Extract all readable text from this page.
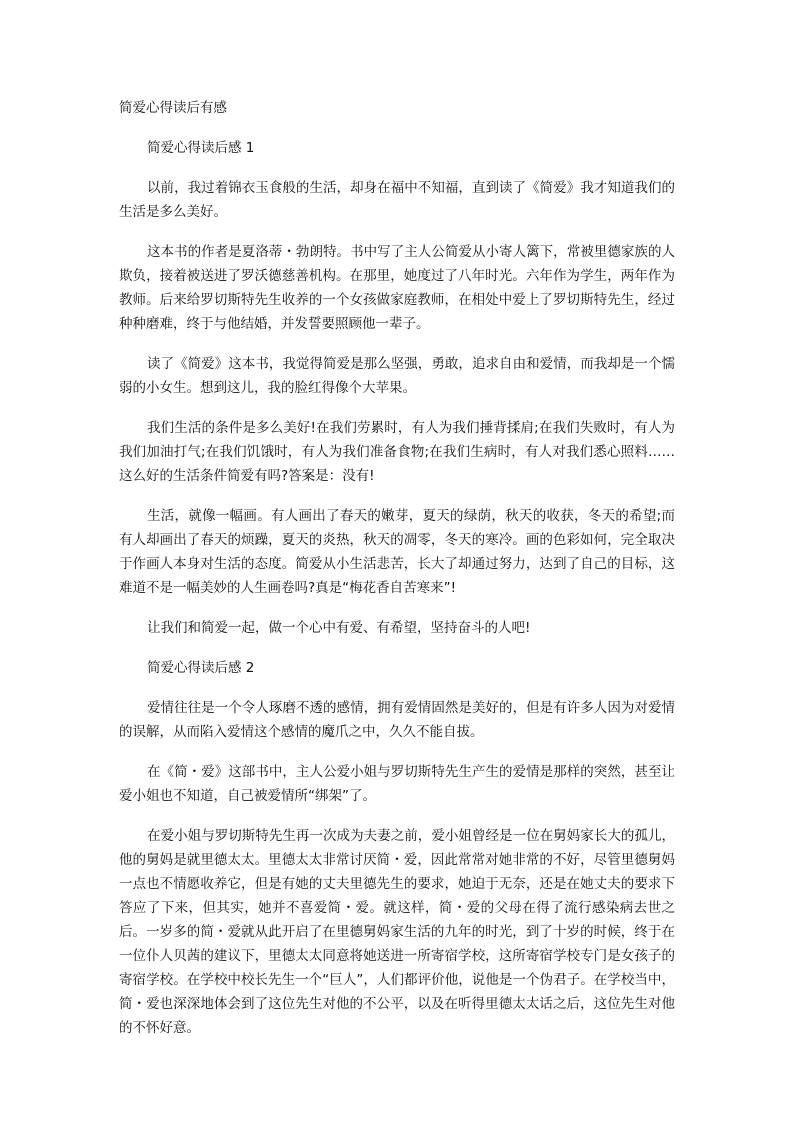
简爱心得读后有感
简爱心得读后感 1

以前，我过着锦衣玉食般的生活，却身在福中不知福，直到读了《简爱》我才知道我们的生活是多么美好。

这本书的作者是夏洛蒂・勃朗特。书中写了主人公简爱从小寄人篱下，常被里德家族的人欺负，接着被送进了罗沃德慈善机构。在那里，她度过了八年时光。六年作为学生，两年作为教师。后来给罗切斯特先生收养的一个女孩做家庭教师，在相处中爱上了罗切斯特先生，经过种种磨难，终于与他结婚，并发誓要照顾他一辈子。

读了《简爱》这本书，我觉得简爱是那么坚强，勇敢，追求自由和爱情，而我却是一个懦弱的小女生。想到这儿，我的脸红得像个大苹果。

我们生活的条件是多么美好!在我们劳累时，有人为我们捶背揉肩;在我们失败时，有人为我们加油打气;在我们饥饿时，有人为我们准备食物;在我们生病时，有人对我们悉心照料……这么好的生活条件简爱有吗?答案是：没有!

生活，就像一幅画。有人画出了春天的嫩芽，夏天的绿荫，秋天的收获，冬天的希望;而有人却画出了春天的烦躁，夏天的炎热，秋天的凋零，冬天的寒冷。画的色彩如何，完全取决于作画人本身对生活的态度。简爱从小生活悲苦，长大了却通过努力，达到了自己的目标，这难道不是一幅美妙的人生画卷吗?真是“梅花香自苦寒来”!

让我们和简爱一起，做一个心中有爱、有希望，坚持奋斗的人吧!

简爱心得读后感 2

爱情往往是一个令人琢磨不透的感情，拥有爱情固然是美好的，但是有许多人因为对爱情的误解，从而陷入爱情这个感情的魔爪之中，久久不能自拔。

在《简・爱》这部书中，主人公爱小姐与罗切斯特先生产生的爱情是那样的突然，甚至让爱小姐也不知道，自己被爱情所“绑架”了。

在爱小姐与罗切斯特先生再一次成为夫妻之前，爱小姐曾经是一位在舅妈家长大的孤儿，他的舅妈是就里德太太。里德太太非常讨厌简・爱，因此常常对她非常的不好，尽管里德舅妈一点也不情愿收养它，但是有她的丈夫里德先生的要求，她迫于无奈，还是在她丈夫的要求下答应了下来，但其实，她并不喜爱简・爱。就这样，简・爱的父母在得了流行感染病去世之后。一岁多的简・爱就从此开启了在里德舅妈家生活的九年的时光，到了十岁的时候，终于在一位仆人贝茜的建议下，里德太太同意将她送进一所寄宿学校，这所寄宿学校专门是女孩子的寄宿学校。在学校中校长先生一个“巨人”，人们都评价他，说他是一个伪君子。在学校当中，简・爱也深深地体会到了这位先生对他的不公平，以及在听得里德太太话之后，这位先生对他的不怀好意。
